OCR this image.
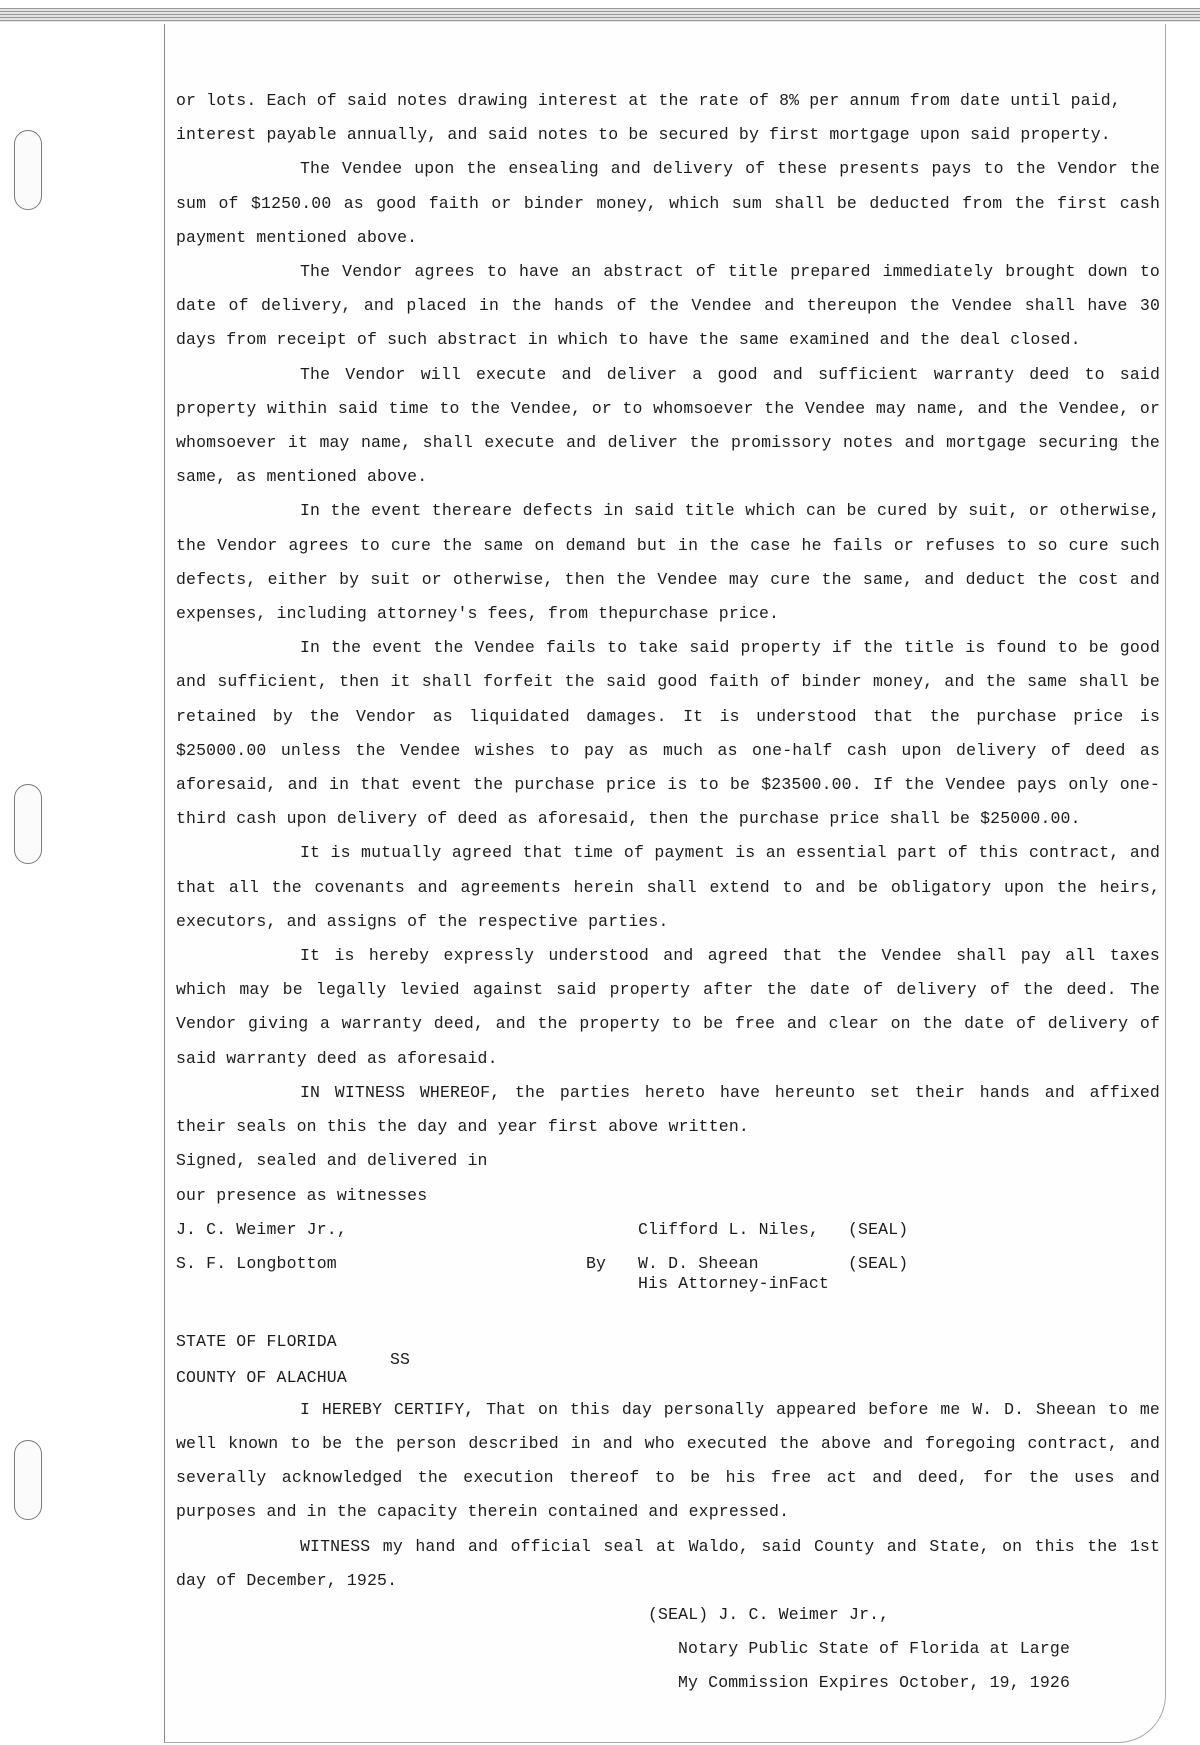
or lots. Each of said notes drawing interest at the rate of 8% per annum from date until paid, interest payable annually, and said notes to be secured by first mortgage upon said property.

The Vendee upon the ensealing and delivery of these presents pays to the Vendor the sum of $1250.00 as good faith or binder money, which sum shall be deducted from the first cash payment mentioned above.

The Vendor agrees to have an abstract of title prepared immediately brought down to date of delivery, and placed in the hands of the Vendee and thereupon the Vendee shall have 30 days from receipt of such abstract in which to have the same examined and the deal closed.

The Vendor will execute and deliver a good and sufficient warranty deed to said property within said time to the Vendee, or to whomsoever the Vendee may name, and the Vendee, or whomsoever it may name, shall execute and deliver the promissory notes and mortgage securing the same, as mentioned above.

In the event thereare defects in said title which can be cured by suit, or otherwise, the Vendor agrees to cure the same on demand but in the case he fails or refuses to so cure such defects, either by suit or otherwise, then the Vendee may cure the same, and deduct the cost and expenses, including attorney's fees, from thepurchase price.

In the event the Vendee fails to take said property if the title is found to be good and sufficient, then it shall forfeit the said good faith of binder money, and the same shall be retained by the Vendor as liquidated damages. It is understood that the purchase price is $25000.00 unless the Vendee wishes to pay as much as one-half cash upon delivery of deed as aforesaid, and in that event the purchase price is to be $23500.00. If the Vendee pays only one-third cash upon delivery of deed as aforesaid, then the purchase price shall be $25000.00.

It is mutually agreed that time of payment is an essential part of this contract, and that all the covenants and agreements herein shall extend to and be obligatory upon the heirs, executors, and assigns of the respective parties.

It is hereby expressly understood and agreed that the Vendee shall pay all taxes which may be legally levied against said property after the date of delivery of the deed. The Vendor giving a warranty deed, and the property to be free and clear on the date of delivery of said warranty deed as aforesaid.

IN WITNESS WHEREOF, the parties hereto have hereunto set their hands and affixed their seals on this the day and year first above written.

Signed, sealed and delivered in
our presence as witnesses
J. C. Weimer Jr.,	Clifford L. Niles, (SEAL)
S. F. Longbottom	By W. D. Sheean	(SEAL)
His Attorney-inFact
STATE OF FLORIDA
SS
COUNTY OF ALACHUA

I HEREBY CERTIFY, That on this day personally appeared before me W. D. Sheean to me well known to be the person described in and who executed the above and foregoing contract, and severally acknowledged the execution thereof to be his free act and deed, for the uses and purposes and in the capacity therein contained and expressed.

WITNESS my hand and official seal at Waldo, said County and State, on this the 1st day of December, 1925.

(SEAL) J. C. Weimer Jr.,
Notary Public State of Florida at Large
My Commission Expires October, 19, 1926
